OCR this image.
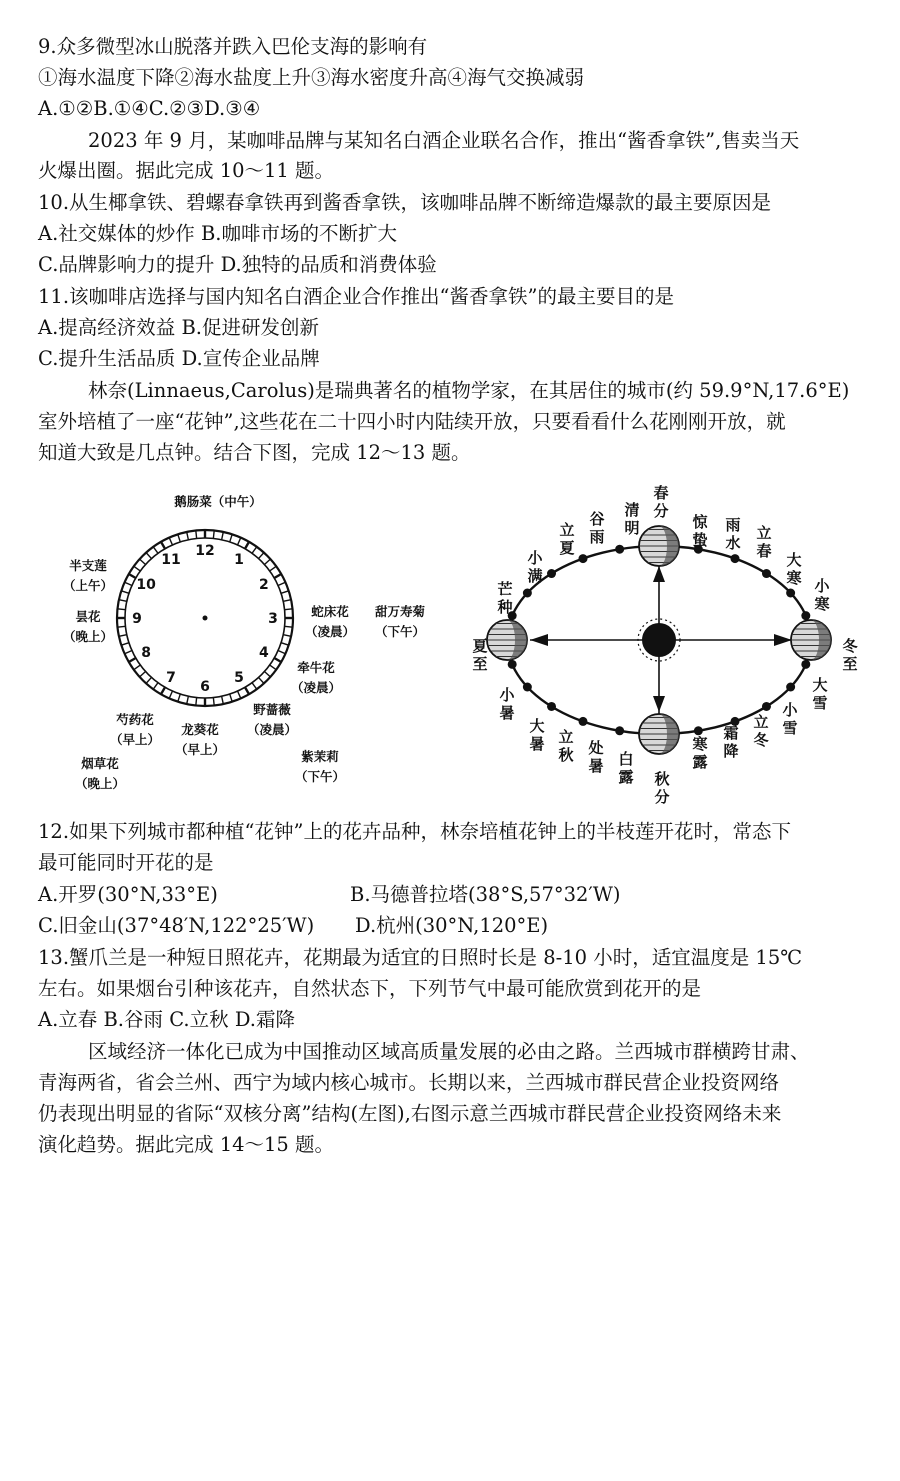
9.众多微型冰山脱落并跌入巴伦支海的影响有
①海水温度下降②海水盐度上升③海水密度升高④海气交换减弱
A.①②B.①④C.②③D.③④
2023 年 9 月，某咖啡品牌与某知名白酒企业联名合作，推出“酱香拿铁”,售卖当天
火爆出圈。据此完成 10～11 题。
10.从生椰拿铁、碧螺春拿铁再到酱香拿铁，该咖啡品牌不断缔造爆款的最主要原因是
A.社交媒体的炒作 B.咖啡市场的不断扩大
C.品牌影响力的提升 D.独特的品质和消费体验
11.该咖啡店选择与国内知名白酒企业合作推出“酱香拿铁”的最主要目的是
A.提高经济效益 B.促进研发创新
C.提升生活品质 D.宣传企业品牌
林奈(Linnaeus,Carolus)是瑞典著名的植物学家，在其居住的城市(约 59.9°N,17.6°E)
室外培植了一座“花钟”,这些花在二十四小时内陆续开放，只要看看什么花刚刚开放，就
知道大致是几点钟。结合下图，完成 12～13 题。
12
1
2
3
4
5
6
7
8
9
10
11
鹅肠菜（中午）
半支莲
（上午）
昙花
（晚上）
蛇床花
（凌晨）
甜万寿菊
（下午）
牵牛花
（凌晨）
野蔷薇
（凌晨）
紫茉莉
（下午）
龙葵花
（早上）
芍药花
（早上）
烟草花
（晚上）
冬
至
小
寒
大
寒
立
春
雨
水
惊
蛰
春
分
清
明
谷
雨
立
夏
小
满
芒
种
夏
至
小
暑
大
暑 立
秋 处
暑 白
露 秋
分
寒
露
霜
降
立
冬
小
雪
大
雪
12.如果下列城市都种植“花钟”上的花卉品种，林奈培植花钟上的半枝莲开花时，常态下
最可能同时开花的是
A.开罗(30°N,33°E)	B.马德普拉塔(38°S,57°32′W)
C.旧金山(37°48′N,122°25′W) D.杭州(30°N,120°E)
13.蟹爪兰是一种短日照花卉，花期最为适宜的日照时长是 8-10 小时，适宜温度是 15℃
左右。如果烟台引种该花卉，自然状态下，下列节气中最可能欣赏到花开的是
A.立春 B.谷雨 C.立秋 D.霜降
区域经济一体化已成为中国推动区域高质量发展的必由之路。兰西城市群横跨甘肃、
青海两省，省会兰州、西宁为域内核心城市。长期以来，兰西城市群民营企业投资网络
仍表现出明显的省际“双核分离”结构(左图),右图示意兰西城市群民营企业投资网络未来
演化趋势。据此完成 14～15 题。
